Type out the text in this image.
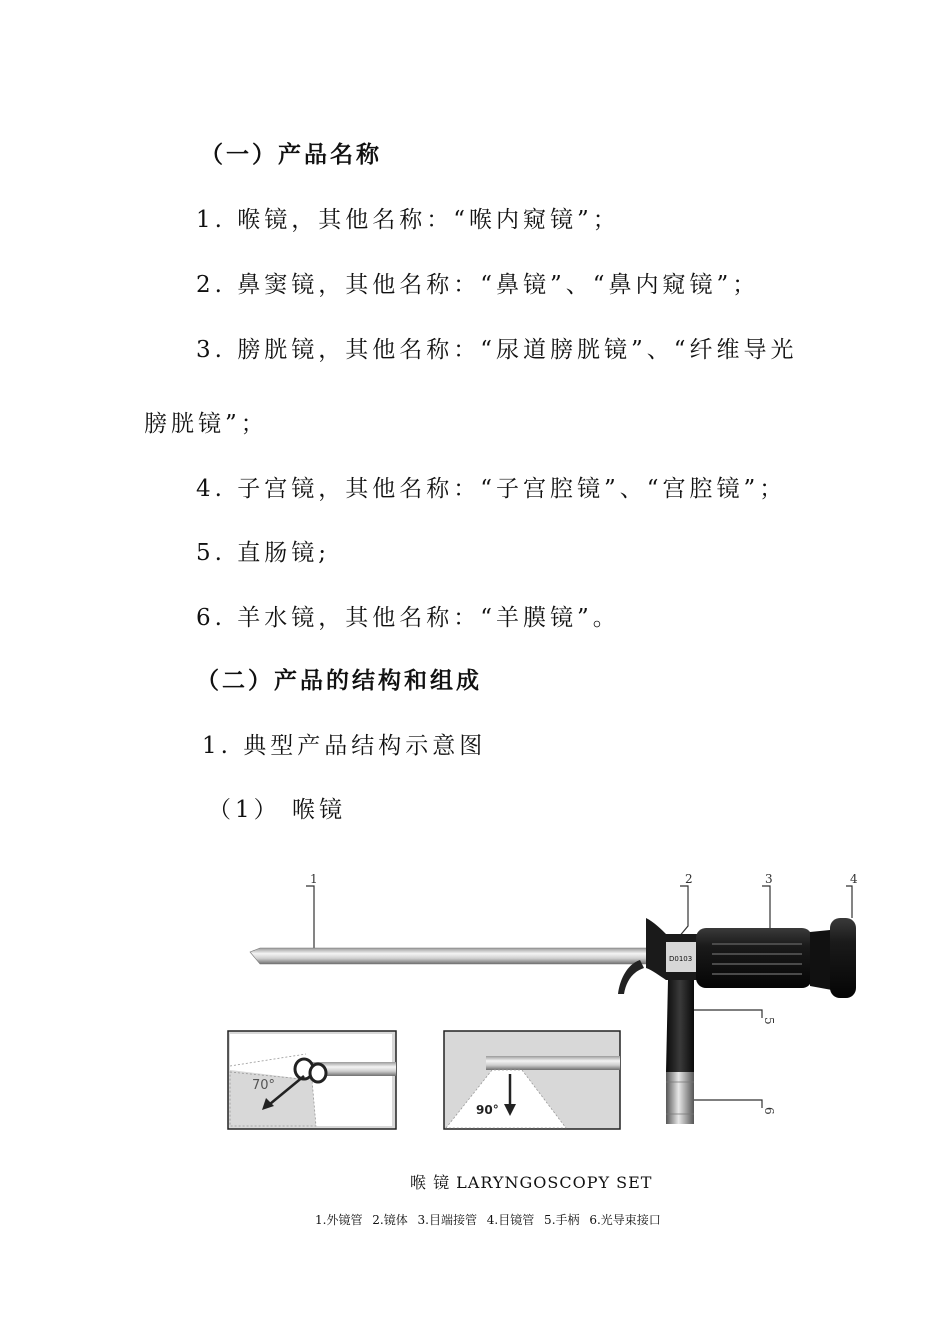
（一）产品名称
1. 喉镜，其他名称：“喉内窥镜”；
2. 鼻窦镜，其他名称：“鼻镜”、“鼻内窥镜”；
3. 膀胱镜，其他名称：“尿道膀胱镜”、“纤维导光
膀胱镜”；
4. 子宫镜，其他名称：“子宫腔镜”、“宫腔镜”；
5. 直肠镜;
6. 羊水镜，其他名称：“羊膜镜”。
（二）产品的结构和组成
1. 典型产品结构示意图
（1） 喉镜
1	2	3	4
5
6
D0103
70°
90°
喉 镜 LARYNGOSCOPY SET
1.外镜管 2.镜体 3.目端接管 4.目镜管 5.手柄 6.光导束接口
